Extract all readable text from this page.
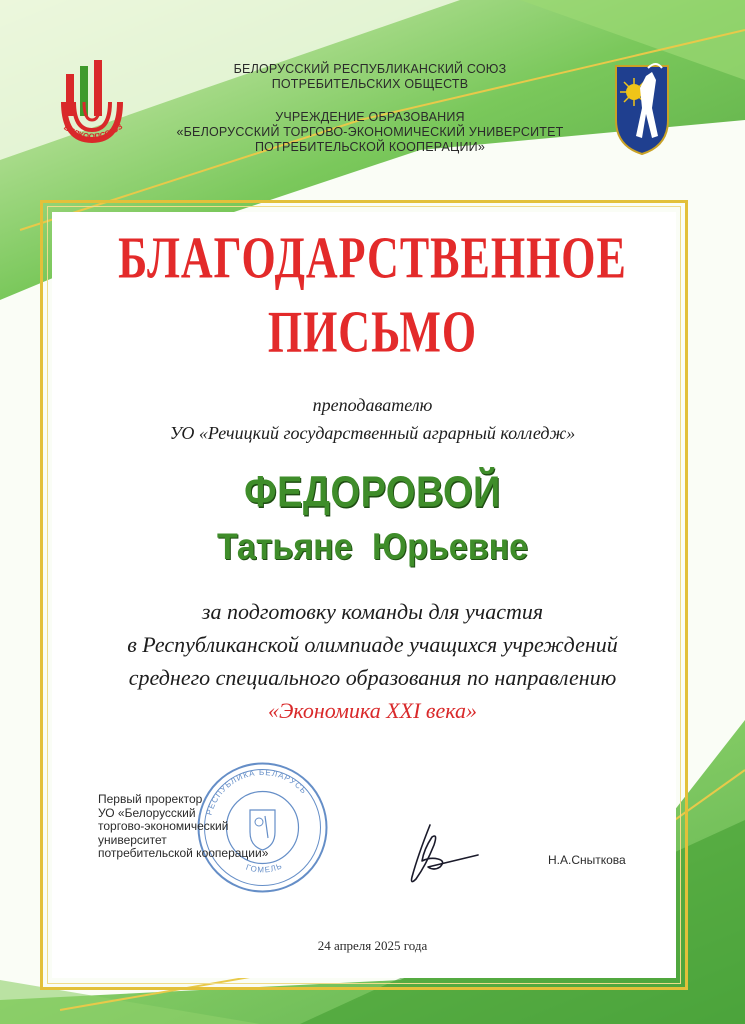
БЕЛКООПСОЮЗ
БЕЛОРУССКИЙ РЕСПУБЛИКАНСКИЙ СОЮЗ
ПОТРЕБИТЕЛЬСКИХ ОБЩЕСТВ
УЧРЕЖДЕНИЕ ОБРАЗОВАНИЯ
«БЕЛОРУССКИЙ ТОРГОВО-ЭКОНОМИЧЕСКИЙ УНИВЕРСИТЕТ
ПОТРЕБИТЕЛЬСКОЙ КООПЕРАЦИИ»
БЛАГОДАРСТВЕННОЕ
ПИСЬМО
преподавателю
УО «Речицкий государственный аграрный колледж»
ФЕДОРОВОЙ
Татьяне Юрьевне
за подготовку команды для участия
в Республиканской олимпиаде учащихся учреждений
среднего специального образования по направлению
«Экономика XXI века»
РЕСПУБЛИКА БЕЛАРУСЬ
ГОМЕЛЬ
Первый проректор
УО «Белорусский
торгово-экономический
университет
потребительской кооперации»	Н.А.Сныткова
24 апреля 2025 года
